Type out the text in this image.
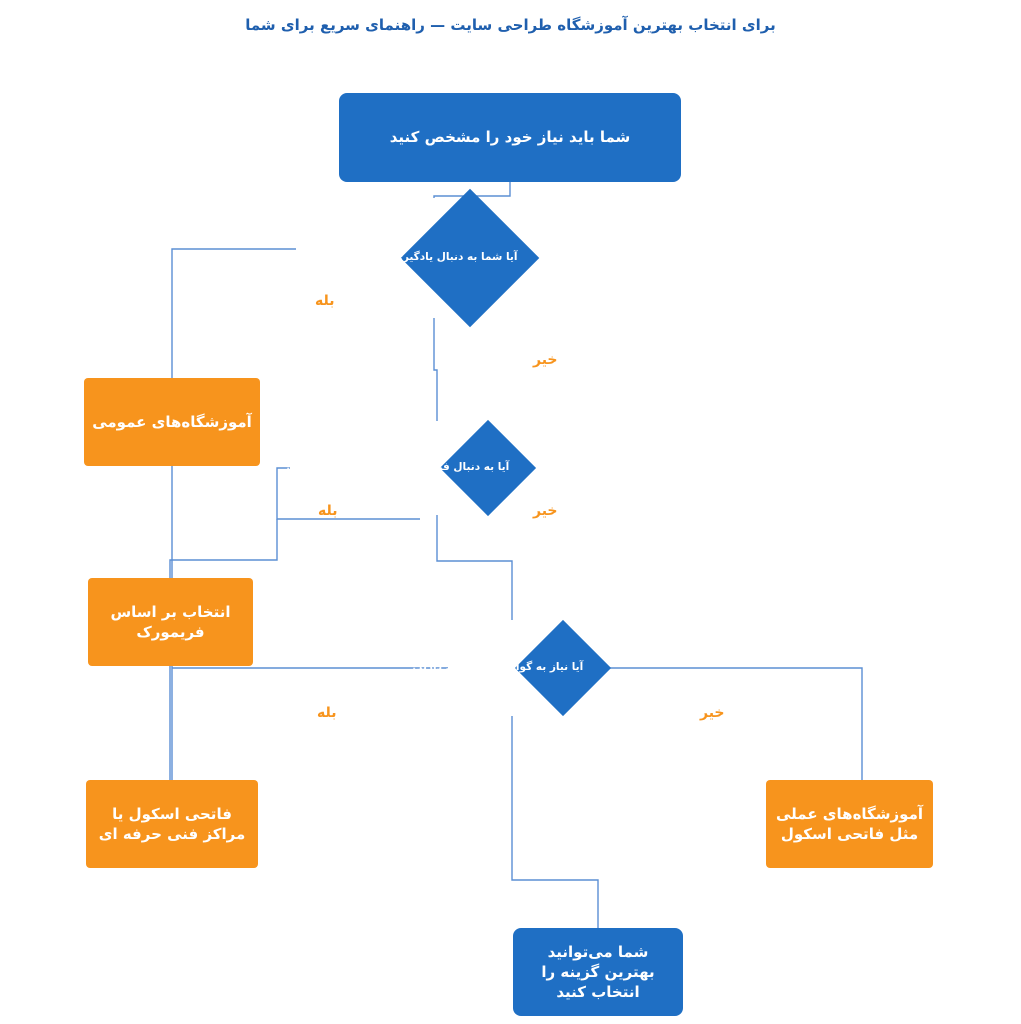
برای انتخاب بهترین آموزشگاه طراحی سایت — راهنمای سریع برای شما
شما باید نیاز خود را مشخص کنید
آیا شما به دنبال یادگیری مهارت‌های پایه هستید؟
بله
خیر
آموزشگاه‌های عمومی
آیا به دنبال فریمورک یا ابزار خاصی هستید؟
بله	خیر
انتخاب بر اساس فریمورک
آیا نیاز به گواهینامه رسمی دارید؟
بله	خیر
فاتحی اسکول یا مراکز فنی حرفه ای
آموزشگاه‌های عملی مثل فاتحی اسکول
شما می‌توانید بهترین گزینه را انتخاب کنید
